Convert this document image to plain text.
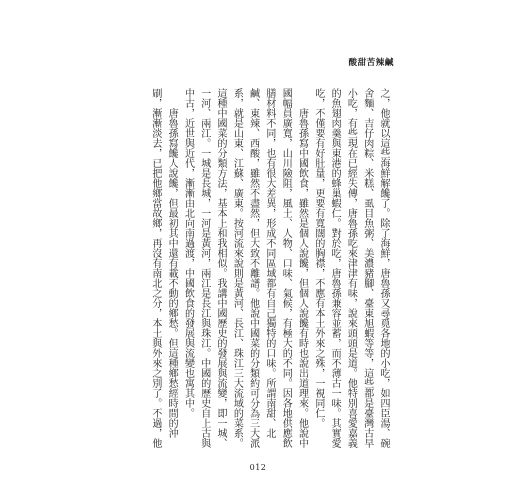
酸甜苦辣鹹
之，他就以這些海鮮解饞了。除了海鮮，唐魯孫又尋覓各地的小吃，如四臣湯、碗
舍麵、吉仔肉粽、米糕、虱目魚粥、美濃豬腳、臺東旭蝦等等，這些都是臺灣古早
小吃，有些現在已經失傳，唐魯孫吃來津津有味，說來頭頭是道。他特別喜愛嘉義
的魚翅肉羹與東港的蜂巢蝦仁。對於吃，唐魯孫兼容並蓄，而不薄古一味。其實愛
吃，不僅要有好肚量，更要有寬闊的胸襟，不應有本土外來之殊，一視同仁。
唐魯孫寫中國飲食，雖然是個人說饞，但個人說饞有時也說出道理來。他說中
國幅員廣寬，山川險阻，風土、人物、口味、氣候，有極大的不同。因各地供應飲
膳材料不同，也有很大差異，形成不同區域都有自己獨特的口味。所謂南甜、北
鹹、東辣、西酸，雖然不盡然，但大致不離譜。他說中國菜的分類約可分為三大派
系，就是山東、江蘇、廣東。按河流來說則是黃河、長江、珠江三大流域的菜系。
這種中國菜的分類方法，基本上和我相似。我講中國歷史的發展與流變，即一城、
一河、兩江。一城是長城，一河是黃河，兩江是長江與珠江。中國的歷史自上古與
中古，近世與近代，漸漸由北向南過渡，中國飲食的發展與流變也寓其中。
唐魯孫寫饞人說饞，但最初其中還有載不動的鄉愁。但這種鄉愁經時間的沖
刷，漸漸淡去，已把他鄉當故鄉，再沒有南北之分，本土與外來之別了。不過，他
012
